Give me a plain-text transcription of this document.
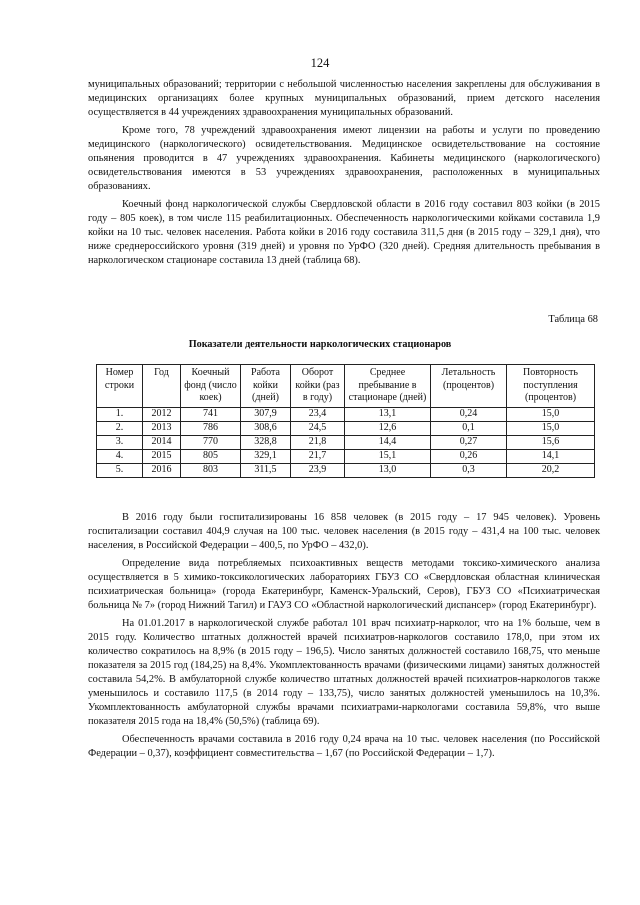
124

муниципальных образований; территории с небольшой численностью населения закреплены для обслуживания в медицинских организациях более крупных муниципальных образований, прием детского населения осуществляется в 44 учреждениях здравоохранения муниципальных образований.

Кроме того, 78 учреждений здравоохранения имеют лицензии на работы и услуги по проведению медицинского (наркологического) освидетельствования. Медицинское освидетельствование на состояние опьянения проводится в 47 учреждениях здравоохранения. Кабинеты медицинского (наркологического) освидетельствования имеются в 53 учреждениях здравоохранения, расположенных в муниципальных образованиях.

Коечный фонд наркологической службы Свердловской области в 2016 году составил 803 койки (в 2015 году – 805 коек), в том числе 115 реабилитационных. Обеспеченность наркологическими койками составила 1,9 койки на 10 тыс. человек населения. Работа койки в 2016 году составила 311,5 дня (в 2015 году – 329,1 дня), что ниже среднероссийского уровня (319 дней) и уровня по УрФО (320 дней). Средняя длительность пребывания в наркологическом стационаре составила 13 дней (таблица 68).

Таблица 68
Показатели деятельности наркологических стационаров
Номер строки	Год	Коечный фонд (число коек)	Работа койки (дней)	Оборот койки (раз в году)	Среднее пребывание в стационаре (дней)	Летальность (процентов)	Повторность поступления (процентов)
1.	2012	741	307,9	23,4	13,1	0,24	15,0
2.	2013	786	308,6	24,5	12,6	0,1	15,0
3.	2014	770	328,8	21,8	14,4	0,27	15,6
4.	2015	805	329,1	21,7	15,1	0,26	14,1
5.	2016	803	311,5	23,9	13,0	0,3	20,2

В 2016 году были госпитализированы 16 858 человек (в 2015 году – 17 945 человек). Уровень госпитализации составил 404,9 случая на 100 тыс. человек населения (в 2015 году – 431,4 на 100 тыс. человек населения, в Российской Федерации – 400,5, по УрФО – 432,0).

Определение вида потребляемых психоактивных веществ методами токсико-химического анализа осуществляется в 5 химико-токсикологических лабораториях ГБУЗ СО «Свердловская областная клиническая психиатрическая больница» (города Екатеринбург, Каменск-Уральский, Серов), ГБУЗ СО «Психиатрическая больница № 7» (город Нижний Тагил) и ГАУЗ СО «Областной наркологический диспансер» (город Екатеринбург).

На 01.01.2017 в наркологической службе работал 101 врач психиатр-нарколог, что на 1% больше, чем в 2015 году. Количество штатных должностей врачей психиатров-наркологов составило 178,0, при этом их количество сократилось на 8,9% (в 2015 году – 196,5). Число занятых должностей составило 168,75, что меньше показателя за 2015 год (184,25) на 8,4%. Укомплектованность врачами (физическими лицами) занятых должностей составила 54,2%. В амбулаторной службе количество штатных должностей врачей психиатров-наркологов также уменьшилось и составило 117,5 (в 2014 году – 133,75), число занятых должностей уменьшилось на 10,3%. Укомплектованность амбулаторной службы врачами психиатрами-наркологами составила 59,8%, что выше показателя 2015 года на 18,4% (50,5%) (таблица 69).

Обеспеченность врачами составила в 2016 году 0,24 врача на 10 тыс. человек населения (по Российской Федерации – 0,37), коэффициент совместительства – 1,67 (по Российской Федерации – 1,7).
